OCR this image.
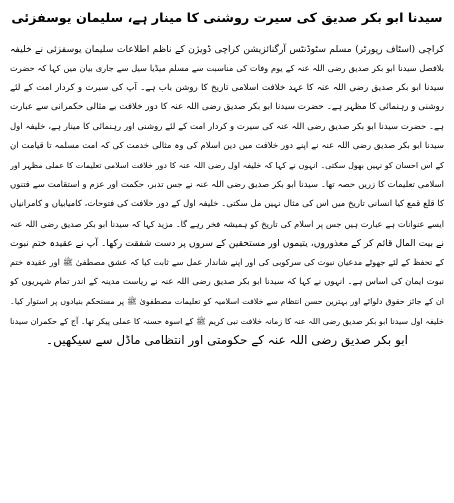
سیدنا ابو بکر صدیق کی سیرت روشنی کا مینار ہے، سلیمان یوسفزئی
کراچی (اسٹاف رپورٹر) مسلم سٹوڈنٹس آرگنائزیشن کراچی ڈویژن کے ناظم اطلاعات سلیمان یوسفزئی نے خلیفہ
بلافصل سیدنا ابو بکر صدیق رضی اللہ عنہ کے یوم وفات کی مناسبت سے مسلم میڈیا سیل سے جاری بیان میں کہا کہ حضرت
سیدنا ابو بکر صدیق رضی اللہ عنہ کا عہد خلافت اسلامی تاریخ کا روشن باب ہے۔ آپ کی سیرت و کردار امت کے لئے
روشنی و رہنمائی کا مظہر ہے۔ حضرت سیدنا ابو بکر صدیق رضی اللہ عنہ کا دور خلافت بے مثالی حکمرانی سے عبارت
ہے۔ حضرت سیدنا ابو بکر صدیق رضی اللہ عنہ کی سیرت و کردار امت کے لئے روشنی اور رہنمائی کا مینار ہے، خلیفہ اول
سیدنا ابو بکر صدیق رضی اللہ عنہ نے اپنے دور خلافت میں دین اسلام کی وہ مثالی خدمت کی کہ امت مسلمہ تا قیامت ان
کے اس احسان کو نہیں بھول سکتی۔ انہوں نے کہا کہ خلیفہ اول رضی اللہ عنہ کا دور خلافت اسلامی تعلیمات کا عملی مظہر اور
اسلامی تعلیمات کا زریں حصہ تھا۔ سیدنا ابو بکر صدیق رضی اللہ عنہ نے جس تدبر، حکمت اور عزم و استقامت سے فتنوں
کا قلع قمع کیا انسانی تاریخ میں اس کی مثال نہیں مل سکتی۔ خلیفہ اول کے دور خلافت کی فتوحات، کامیابیاں و کامرانیاں
ایسے عنوانات ہے عبارت ہیں جس پر اسلام کی تاریخ کو ہمیشہ فخر رہے گا۔ مزید کہا کہ سیدنا ابو بکر صدیق رضی اللہ عنہ
نے بیت المال قائم کر کے معذوروں، یتیموں اور مستحقین کے سروں پر دست شفقت رکھا۔ آپ نے عقیدہ ختم نبوت
کے تحفظ کے لئے جھوٹے مدعیان نبوت کی سرکوبی کی اور اپنے شاندار عمل سے ثابت کیا کہ عشق مصطفیٰ ﷺ اور عقیدہ ختم
نبوت ایمان کی اساس ہے۔ انہوں نے کہا کہ سیدنا ابو بکر صدیق رضی اللہ عنہ نے ریاست مدینہ کے اندر تمام شہریوں کو
ان کے جائز حقوق دلوائے اور بہترین حسن انتظام سے خلافت اسلامیہ کو تعلیمات مصطفویٰ ﷺ پر مستحکم بنیادوں پر استوار کیا۔
خلیفہ اول سیدنا ابو بکر صدیق رضی اللہ عنہ کا زمانہ خلافت نبی کریم ﷺ کے اسوہ حسنہ کا عملی پیکر تھا۔ آج کے حکمران سیدنا
ابو بکر صدیق رضی اللہ عنہ کے حکومتی اور انتظامی ماڈل سے سیکھیں۔
